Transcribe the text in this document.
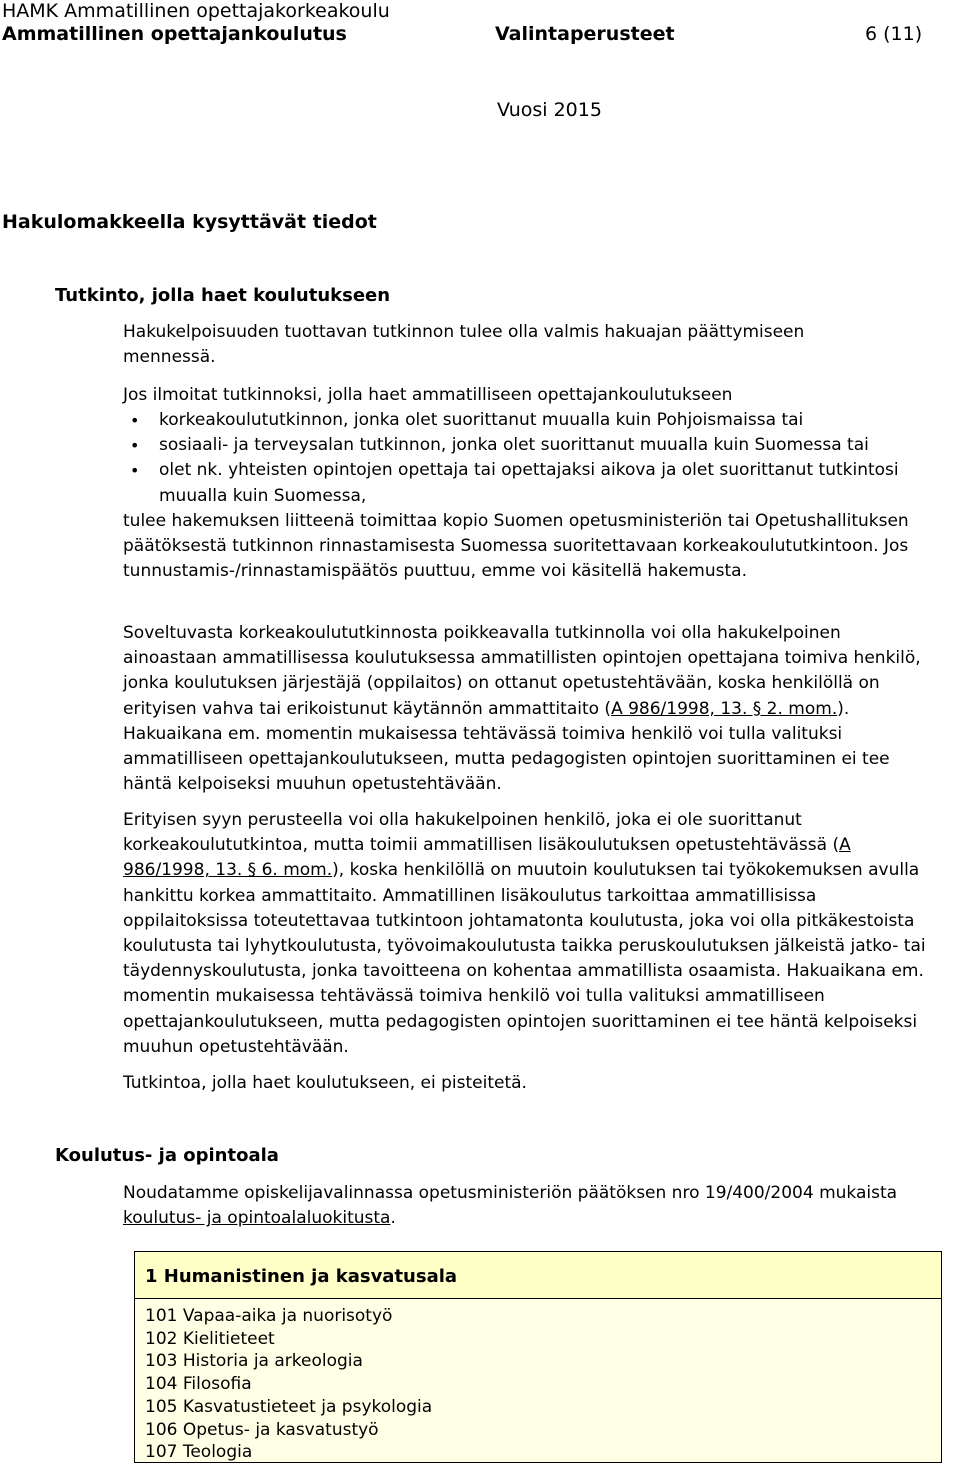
HAMK Ammatillinen opettajakorkeakoulu
Ammatillinen opettajankoulutus	Valintaperusteet	6 (11)
Vuosi 2015
Hakulomakkeella kysyttävät tiedot
Tutkinto, jolla haet koulutukseen
Hakukelpoisuuden tuottavan tutkinnon tulee olla valmis hakuajan päättymiseen mennessä.
Jos ilmoitat tutkinnoksi, jolla haet ammatilliseen opettajankoulutukseen
• korkeakoulututkinnon, jonka olet suorittanut muualla kuin Pohjoismaissa tai
• sosiaali- ja terveysalan tutkinnon, jonka olet suorittanut muualla kuin Suomessa tai
• olet nk. yhteisten opintojen opettaja tai opettajaksi aikova ja olet suorittanut tutkintosi muualla kuin Suomessa,
tulee hakemuksen liitteenä toimittaa kopio Suomen opetusministeriön tai Opetushallituksen päätöksestä tutkinnon rinnastamisesta Suomessa suoritettavaan korkeakoulututkintoon. Jos tunnustamis-/rinnastamispäätös puuttuu, emme voi käsitellä hakemusta.
Soveltuvasta korkeakoulututkinnosta poikkeavalla tutkinnolla voi olla hakukelpoinen ainoastaan ammatillisessa koulutuksessa ammatillisten opintojen opettajana toimiva henkilö, jonka koulutuksen järjestäjä (oppilaitos) on ottanut opetustehtävään, koska henkilöllä on erityisen vahva tai erikoistunut käytännön ammattitaito (A 986/1998, 13. § 2. mom.). Hakuaikana em. momentin mukaisessa tehtävässä toimiva henkilö voi tulla valituksi ammatilliseen opettajankoulutukseen, mutta pedagogisten opintojen suorittaminen ei tee häntä kelpoiseksi muuhun opetustehtävään.
Erityisen syyn perusteella voi olla hakukelpoinen henkilö, joka ei ole suorittanut korkeakoulututkintoa, mutta toimii ammatillisen lisäkoulutuksen opetustehtävässä (A 986/1998, 13. § 6. mom.), koska henkilöllä on muutoin koulutuksen tai työkokemuksen avulla hankittu korkea ammattitaito. Ammatillinen lisäkoulutus tarkoittaa ammatillisissa oppilaitoksissa toteutettavaa tutkintoon johtamatonta koulutusta, joka voi olla pitkäkestoista koulutusta tai lyhytkoulutusta, työvoimakoulutusta taikka peruskoulutuksen jälkeistä jatko- tai täydennyskoulutusta, jonka tavoitteena on kohentaa ammatillista osaamista. Hakuaikana em. momentin mukaisessa tehtävässä toimiva henkilö voi tulla valituksi ammatilliseen opettajankoulutukseen, mutta pedagogisten opintojen suorittaminen ei tee häntä kelpoiseksi muuhun opetustehtävään.
Tutkintoa, jolla haet koulutukseen, ei pisteitetä.
Koulutus- ja opintoala
Noudatamme opiskelijavalinnassa opetusministeriön päätöksen nro 19/400/2004 mukaista koulutus- ja opintoalaluokitusta.
1 Humanistinen ja kasvatusala
101 Vapaa-aika ja nuorisotyö
102 Kielitieteet
103 Historia ja arkeologia
104 Filosofia
105 Kasvatustieteet ja psykologia
106 Opetus- ja kasvatustyö
107 Teologia
